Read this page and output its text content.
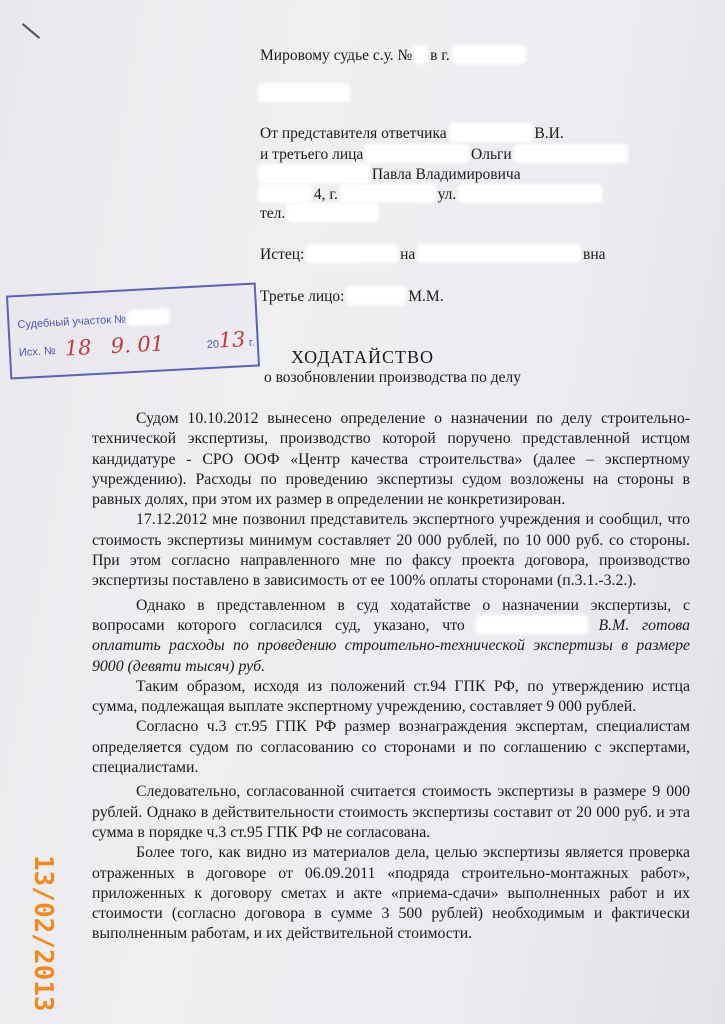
Мировому судье с.у. № в г.
От представителя ответчика	В.И.
и третьего лица	Ольги
Павла Владимировича
4, г.	ул.
тел.
Истец:	на	вна
Третье лицо:	М.М.
Судебный участок №
Исх. № 18 9. 01	20
13 г.
ХОДАТАЙСТВО
о возобновлении производства по делу

Судом 10.10.2012 вынесено определение о назначении по делу строительно-технической экспертизы, производство которой поручено представленной истцом кандидатуре - СРО ООФ «Центр качества строительства» (далее – экспертному учреждению). Расходы по проведению экспертизы судом возложены на стороны в равных долях, при этом их размер в определении не конкретизирован.

17.12.2012 мне позвонил представитель экспертного учреждения и сообщил, что стоимость экспертизы минимум составляет 20 000 рублей, по 10 000 руб. со стороны. При этом согласно направленного мне по факсу проекта договора, производство экспертизы поставлено в зависимость от ее 100% оплаты сторонами (п.3.1.-3.2.).

Однако в представленном в суд ходатайстве о назначении экспертизы, с вопросами которого согласился суд, указано, что	В.М. готова оплатить расходы по проведению строительно-технической экспертизы в размере 9000 (девяти тысяч) руб.

Таким образом, исходя из положений ст.94 ГПК РФ, по утверждению истца сумма, подлежащая выплате экспертному учреждению, составляет 9 000 рублей.

Согласно ч.3 ст.95 ГПК РФ размер вознаграждения экспертам, специалистам определяется судом по согласованию со сторонами и по соглашению с экспертами, специалистами.

Следовательно, согласованной считается стоимость экспертизы в размере 9 000 рублей. Однако в действительности стоимость экспертизы составит от 20 000 руб. и эта сумма в порядке ч.3 ст.95 ГПК РФ не согласована.

Более того, как видно из материалов дела, целью экспертизы является проверка отраженных в договоре от 06.09.2011 «подряда строительно-монтажных работ», приложенных к договору сметах и акте «приема-сдачи» выполненных работ и их стоимости (согласно договора в сумме 3 500 рублей) необходимым и фактически выполненным работам, и их действительной стоимости.

13/02/2013
